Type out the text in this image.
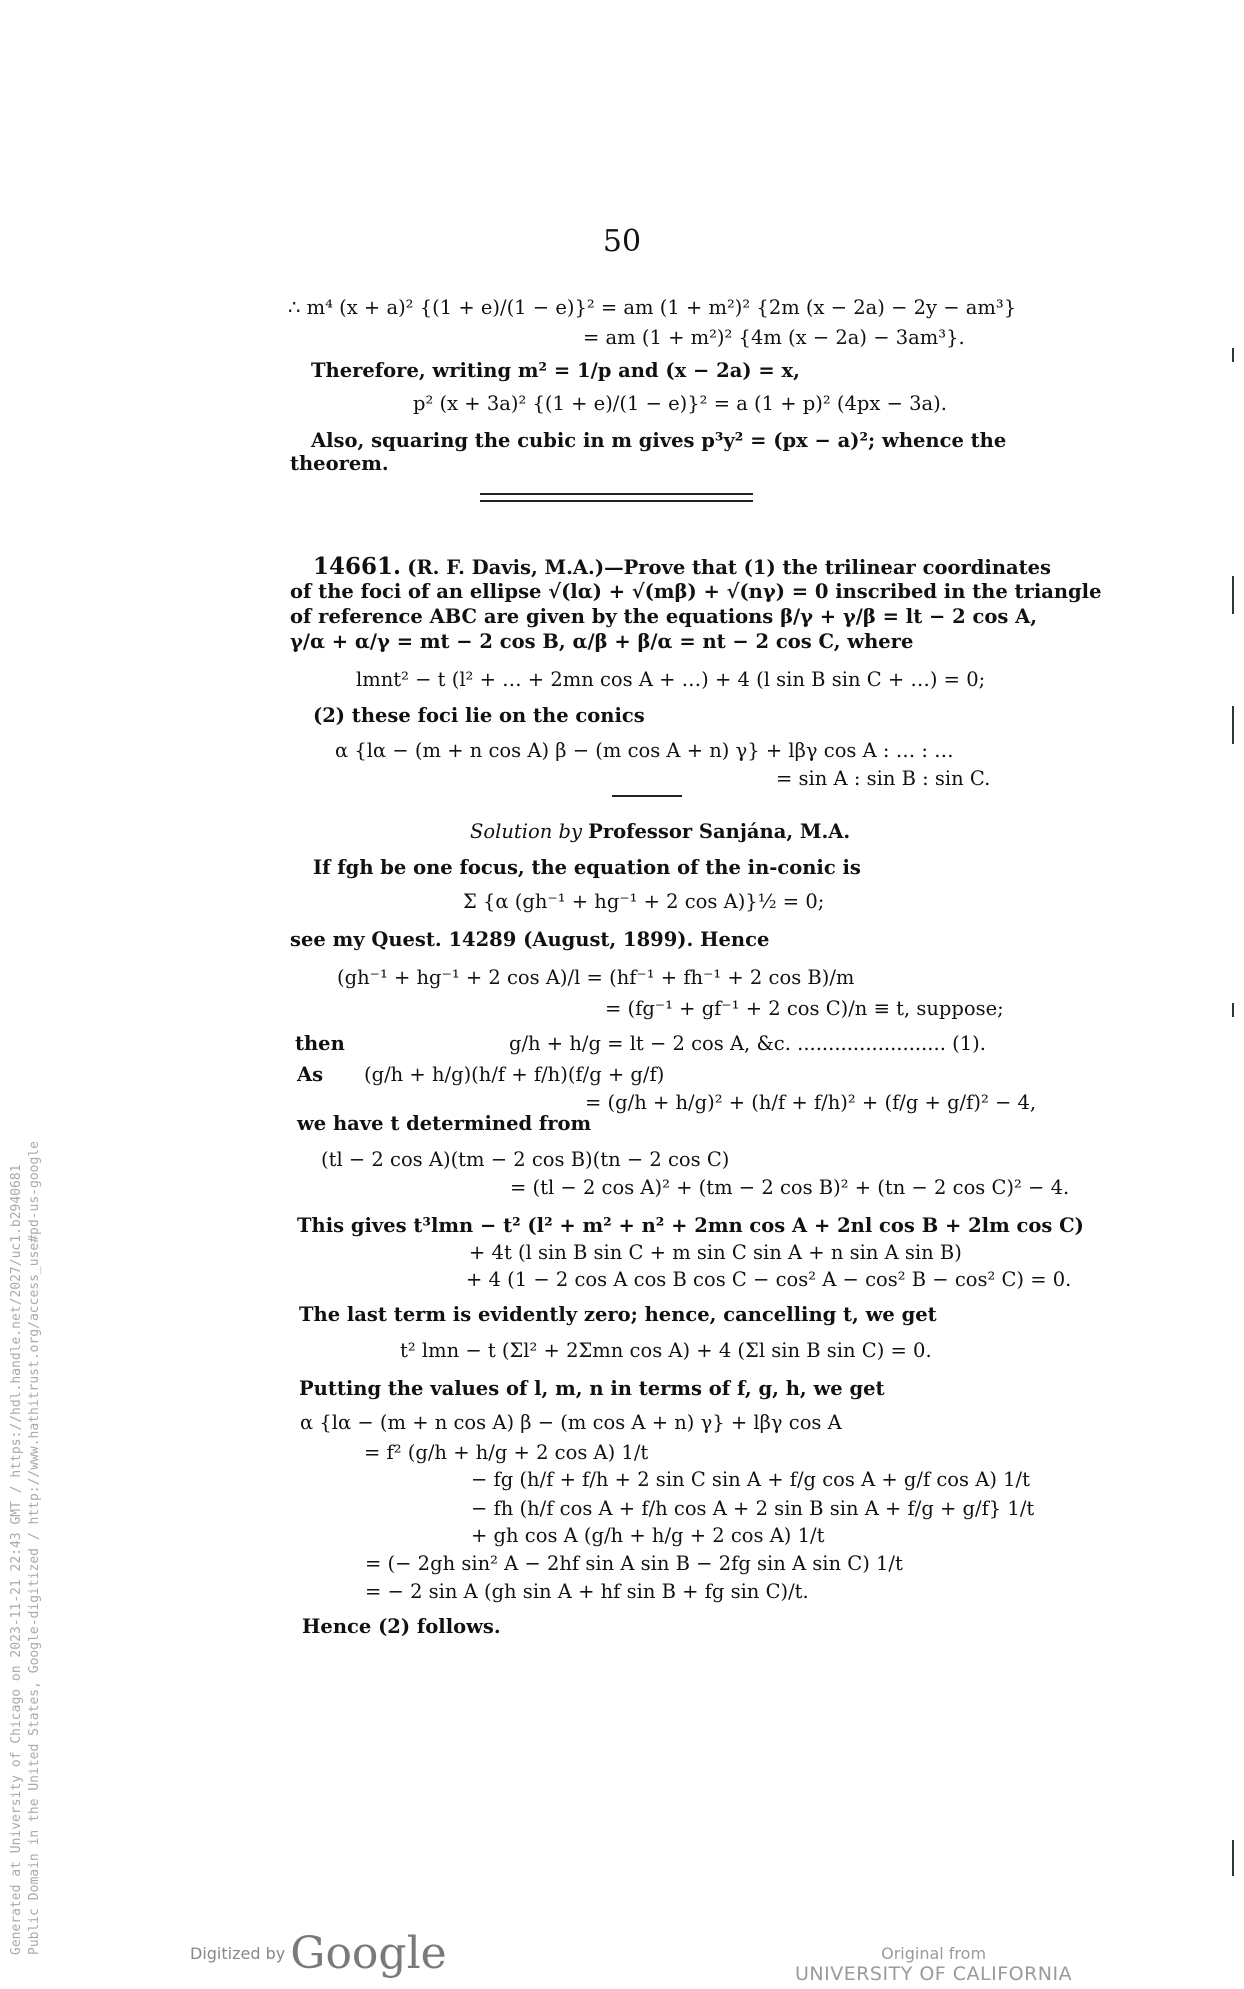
50
∴ m⁴ (x + a)² {(1 + e)/(1 − e)}² = am (1 + m²)² {2m (x − 2a) − 2y − am³}
= am (1 + m²)² {4m (x − 2a) − 3am³}.
Therefore, writing m² = 1/p and (x − 2a) = x,
p² (x + 3a)² {(1 + e)/(1 − e)}² = a (1 + p)² (4px − 3a).
Also, squaring the cubic in m gives p³y² = (px − a)²; whence the
theorem.
14661. (R. F. Davis, M.A.)—Prove that (1) the trilinear coordinates
of the foci of an ellipse √(lα) + √(mβ) + √(nγ) = 0 inscribed in the triangle
of reference ABC are given by the equations β/γ + γ/β = lt − 2 cos A,
γ/α + α/γ = mt − 2 cos B, α/β + β/α = nt − 2 cos C, where
lmnt² − t (l² + … + 2mn cos A + …) + 4 (l sin B sin C + …) = 0;
(2) these foci lie on the conics
α {lα − (m + n cos A) β − (m cos A + n) γ} + lβγ cos A : … : …
= sin A : sin B : sin C.
Solution by Professor Sanjána, M.A.
If fgh be one focus, the equation of the in-conic is
Σ {α (gh⁻¹ + hg⁻¹ + 2 cos A)}½ = 0;
see my Quest. 14289 (August, 1899). Hence
(gh⁻¹ + hg⁻¹ + 2 cos A)/l = (hf⁻¹ + fh⁻¹ + 2 cos B)/m
= (fg⁻¹ + gf⁻¹ + 2 cos C)/n ≡ t, suppose;
then	g/h + h/g = lt − 2 cos A, &c. ........................ (1).
As (g/h + h/g)(h/f + f/h)(f/g + g/f)
= (g/h + h/g)² + (h/f + f/h)² + (f/g + g/f)² − 4,
we have t determined from
(tl − 2 cos A)(tm − 2 cos B)(tn − 2 cos C)
= (tl − 2 cos A)² + (tm − 2 cos B)² + (tn − 2 cos C)² − 4.
This gives t³lmn − t² (l² + m² + n² + 2mn cos A + 2nl cos B + 2lm cos C)
+ 4t (l sin B sin C + m sin C sin A + n sin A sin B)
+ 4 (1 − 2 cos A cos B cos C − cos² A − cos² B − cos² C) = 0.
The last term is evidently zero; hence, cancelling t, we get
t² lmn − t (Σl² + 2Σmn cos A) + 4 (Σl sin B sin C) = 0.
Putting the values of l, m, n in terms of f, g, h, we get
α {lα − (m + n cos A) β − (m cos A + n) γ} + lβγ cos A
= f² (g/h + h/g + 2 cos A) 1/t
− fg (h/f + f/h + 2 sin C sin A + f/g cos A + g/f cos A) 1/t
− fh (h/f cos A + f/h cos A + 2 sin B sin A + f/g + g/f} 1/t
+ gh cos A (g/h + h/g + 2 cos A) 1/t
= (− 2gh sin² A − 2hf sin A sin B − 2fg sin A sin C) 1/t
= − 2 sin A (gh sin A + hf sin B + fg sin C)/t.
Hence (2) follows.
Generated at University of Chicago on 2023-11-21 22:43 GMT / https://hdl.handle.net/2027/uc1.b2940681 Public Domain in the United States, Google-digitized / http://www.hathitrust.org/access_use#pd-us-google	Digitized by Google	Original from
UNIVERSITY OF CALIFORNIA
